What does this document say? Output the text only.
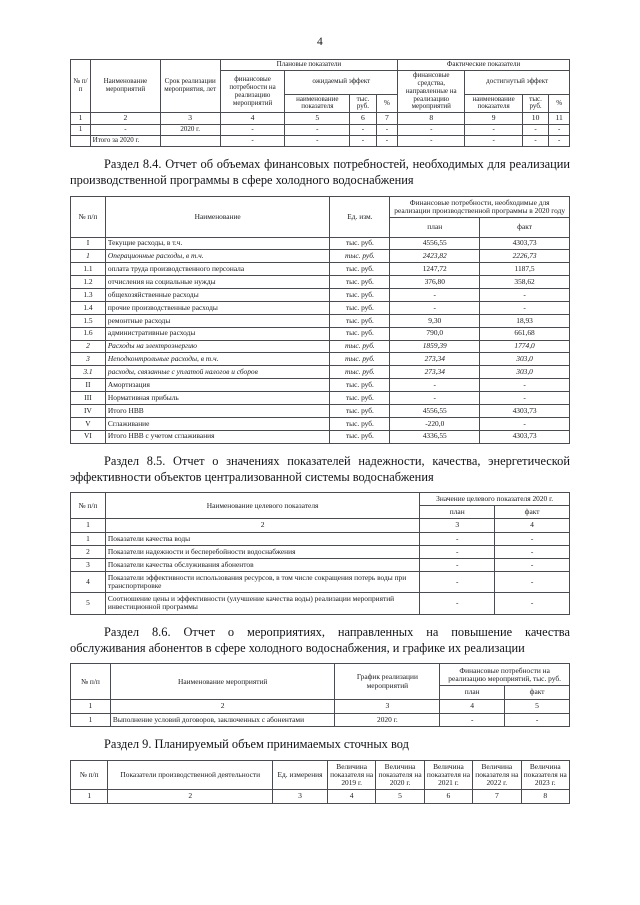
4
№ п/п	Наименование мероприятий	Срок реализации мероприятия, лет	Плановые показатели				Фактические показатели			
			финансовые потребности на реализацию мероприятий	ожидаемый эффект			финансовые средства, направленные на реализацию мероприятий	достигнутый эффект		
				наименование показателя	тыс. руб.	%		наименование показателя	тыс. руб.	%
1	2	3	4	5	6	7	8	9	10	11
1	-	2020 г.	-	-	-	-	-	-	-	-
	Итого за 2020 г.		-	-	-	-	-	-	-	-

Раздел 8.4. Отчет об объемах финансовых потребностей, необходимых для реализации производственной программы в сфере холодного водоснабжения

№ п/п	Наименование	Ед. изм.	Финансовые потребности, необходимые для реализации производственной программы в 2020 году	
			план	факт
I	Текущие расходы, в т.ч.	тыс. руб.	4556,55	4303,73
1	Операционные расходы, в т.ч.	тыс. руб.	2423,82	2226,73
1.1	оплата труда производственного персонала	тыс. руб.	1247,72	1187,5
1.2	отчисления на социальные нужды	тыс. руб.	376,80	358,62
1.3	общехозяйственные расходы	тыс. руб.	-	-
1.4	прочие производственные расходы	тыс. руб.	-	-
1.5	ремонтные расходы	тыс. руб.	9,30	18,93
1.6	административные расходы	тыс. руб.	790,0	661,68
2	Расходы на электроэнергию	тыс. руб.	1859,39	1774,0
3	Неподконтрольные расходы, в т.ч.	тыс. руб.	273,34	303,0
3.1	расходы, связанные с уплатой налогов и сборов	тыс. руб.	273,34	303,0
II	Амортизация	тыс. руб.	-	-
III	Нормативная прибыль	тыс. руб.	-	-
IV	Итого НВВ	тыс. руб.	4556,55	4303,73
V	Сглаживание	тыс. руб.	-220,0	-
VI	Итого НВВ с учетом сглаживания	тыс. руб.	4336,55	4303,73

Раздел 8.5. Отчет о значениях показателей надежности, качества, энергетической эффективности объектов централизованной системы водоснабжения

№ п/п	Наименование целевого показателя	Значение целевого показателя 2020 г.	
		план	факт
1	2	3	4
1	Показатели качества воды	-	-
2	Показатели надежности и бесперебойности водоснабжения	-	-
3	Показатели качества обслуживания абонентов	-	-
4	Показатели эффективности использования ресурсов, в том числе сокращения потерь воды при транспортировке	-	-
5	Соотношение цены и эффективности (улучшение качества воды) реализации мероприятий инвестиционной программы	-	-

Раздел 8.6. Отчет о мероприятиях, направленных на повышение качества обслуживания абонентов в сфере холодного водоснабжения, и графике их реализации

№ п/п	Наименование мероприятий	График реализации мероприятий	Финансовые потребности на реализацию мероприятий, тыс. руб.	
			план	факт
1	2	3	4	5
1	Выполнение условий договоров, заключенных с абонентами	2020 г.	-	-

Раздел 9. Планируемый объем принимаемых сточных вод

№ п/п	Показатели производственной деятельности	Ед. измерения	Величина показателя на 2019 г.	Величина показателя на 2020 г.	Величина показателя на 2021 г.	Величина показателя на 2022 г.	Величина показателя на 2023 г.
1	2	3	4	5	6	7	8
